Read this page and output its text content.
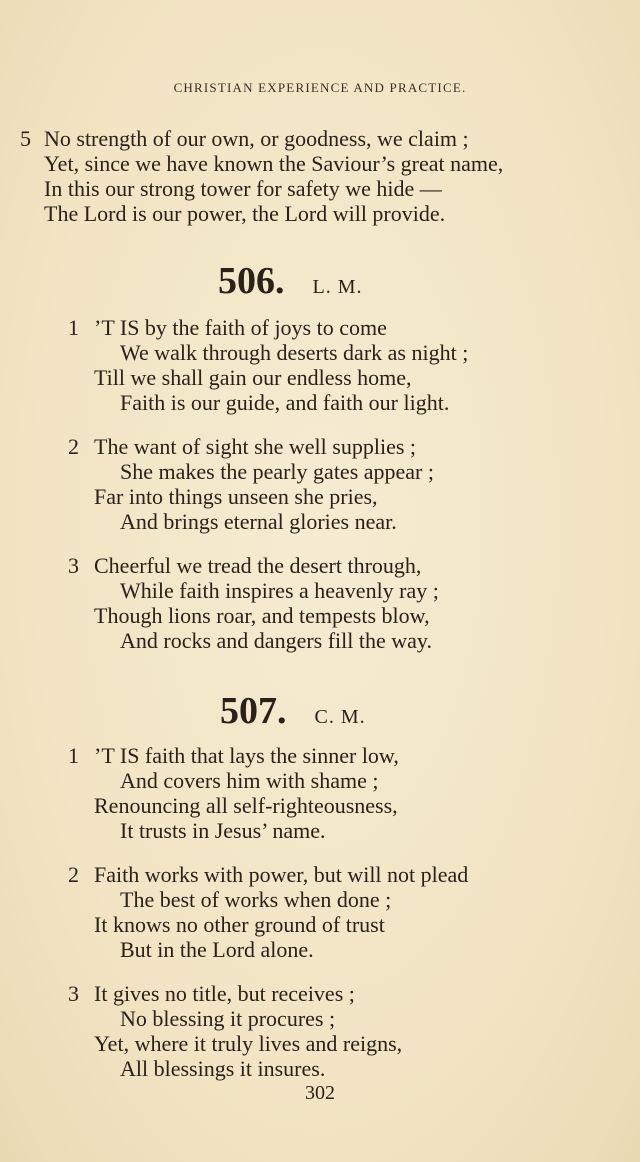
CHRISTIAN EXPERIENCE AND PRACTICE.
5 No strength of our own, or goodness, we claim ;
Yet, since we have known the Saviour’s great name,
In this our strong tower for safety we hide —
The Lord is our power, the Lord will provide.
506. L. M.
1 ’T IS by the faith of joys to come
We walk through deserts dark as night ;
Till we shall gain our endless home,
Faith is our guide, and faith our light.
2 The want of sight she well supplies ;
She makes the pearly gates appear ;
Far into things unseen she pries,
And brings eternal glories near.
3 Cheerful we tread the desert through,
While faith inspires a heavenly ray ;
Though lions roar, and tempests blow,
And rocks and dangers fill the way.
507. C. M.
1 ’T IS faith that lays the sinner low,
And covers him with shame ;
Renouncing all self-righteousness,
It trusts in Jesus’ name.
2 Faith works with power, but will not plead
The best of works when done ;
It knows no other ground of trust
But in the Lord alone.
3 It gives no title, but receives ;
No blessing it procures ;
Yet, where it truly lives and reigns,
All blessings it insures.
302
